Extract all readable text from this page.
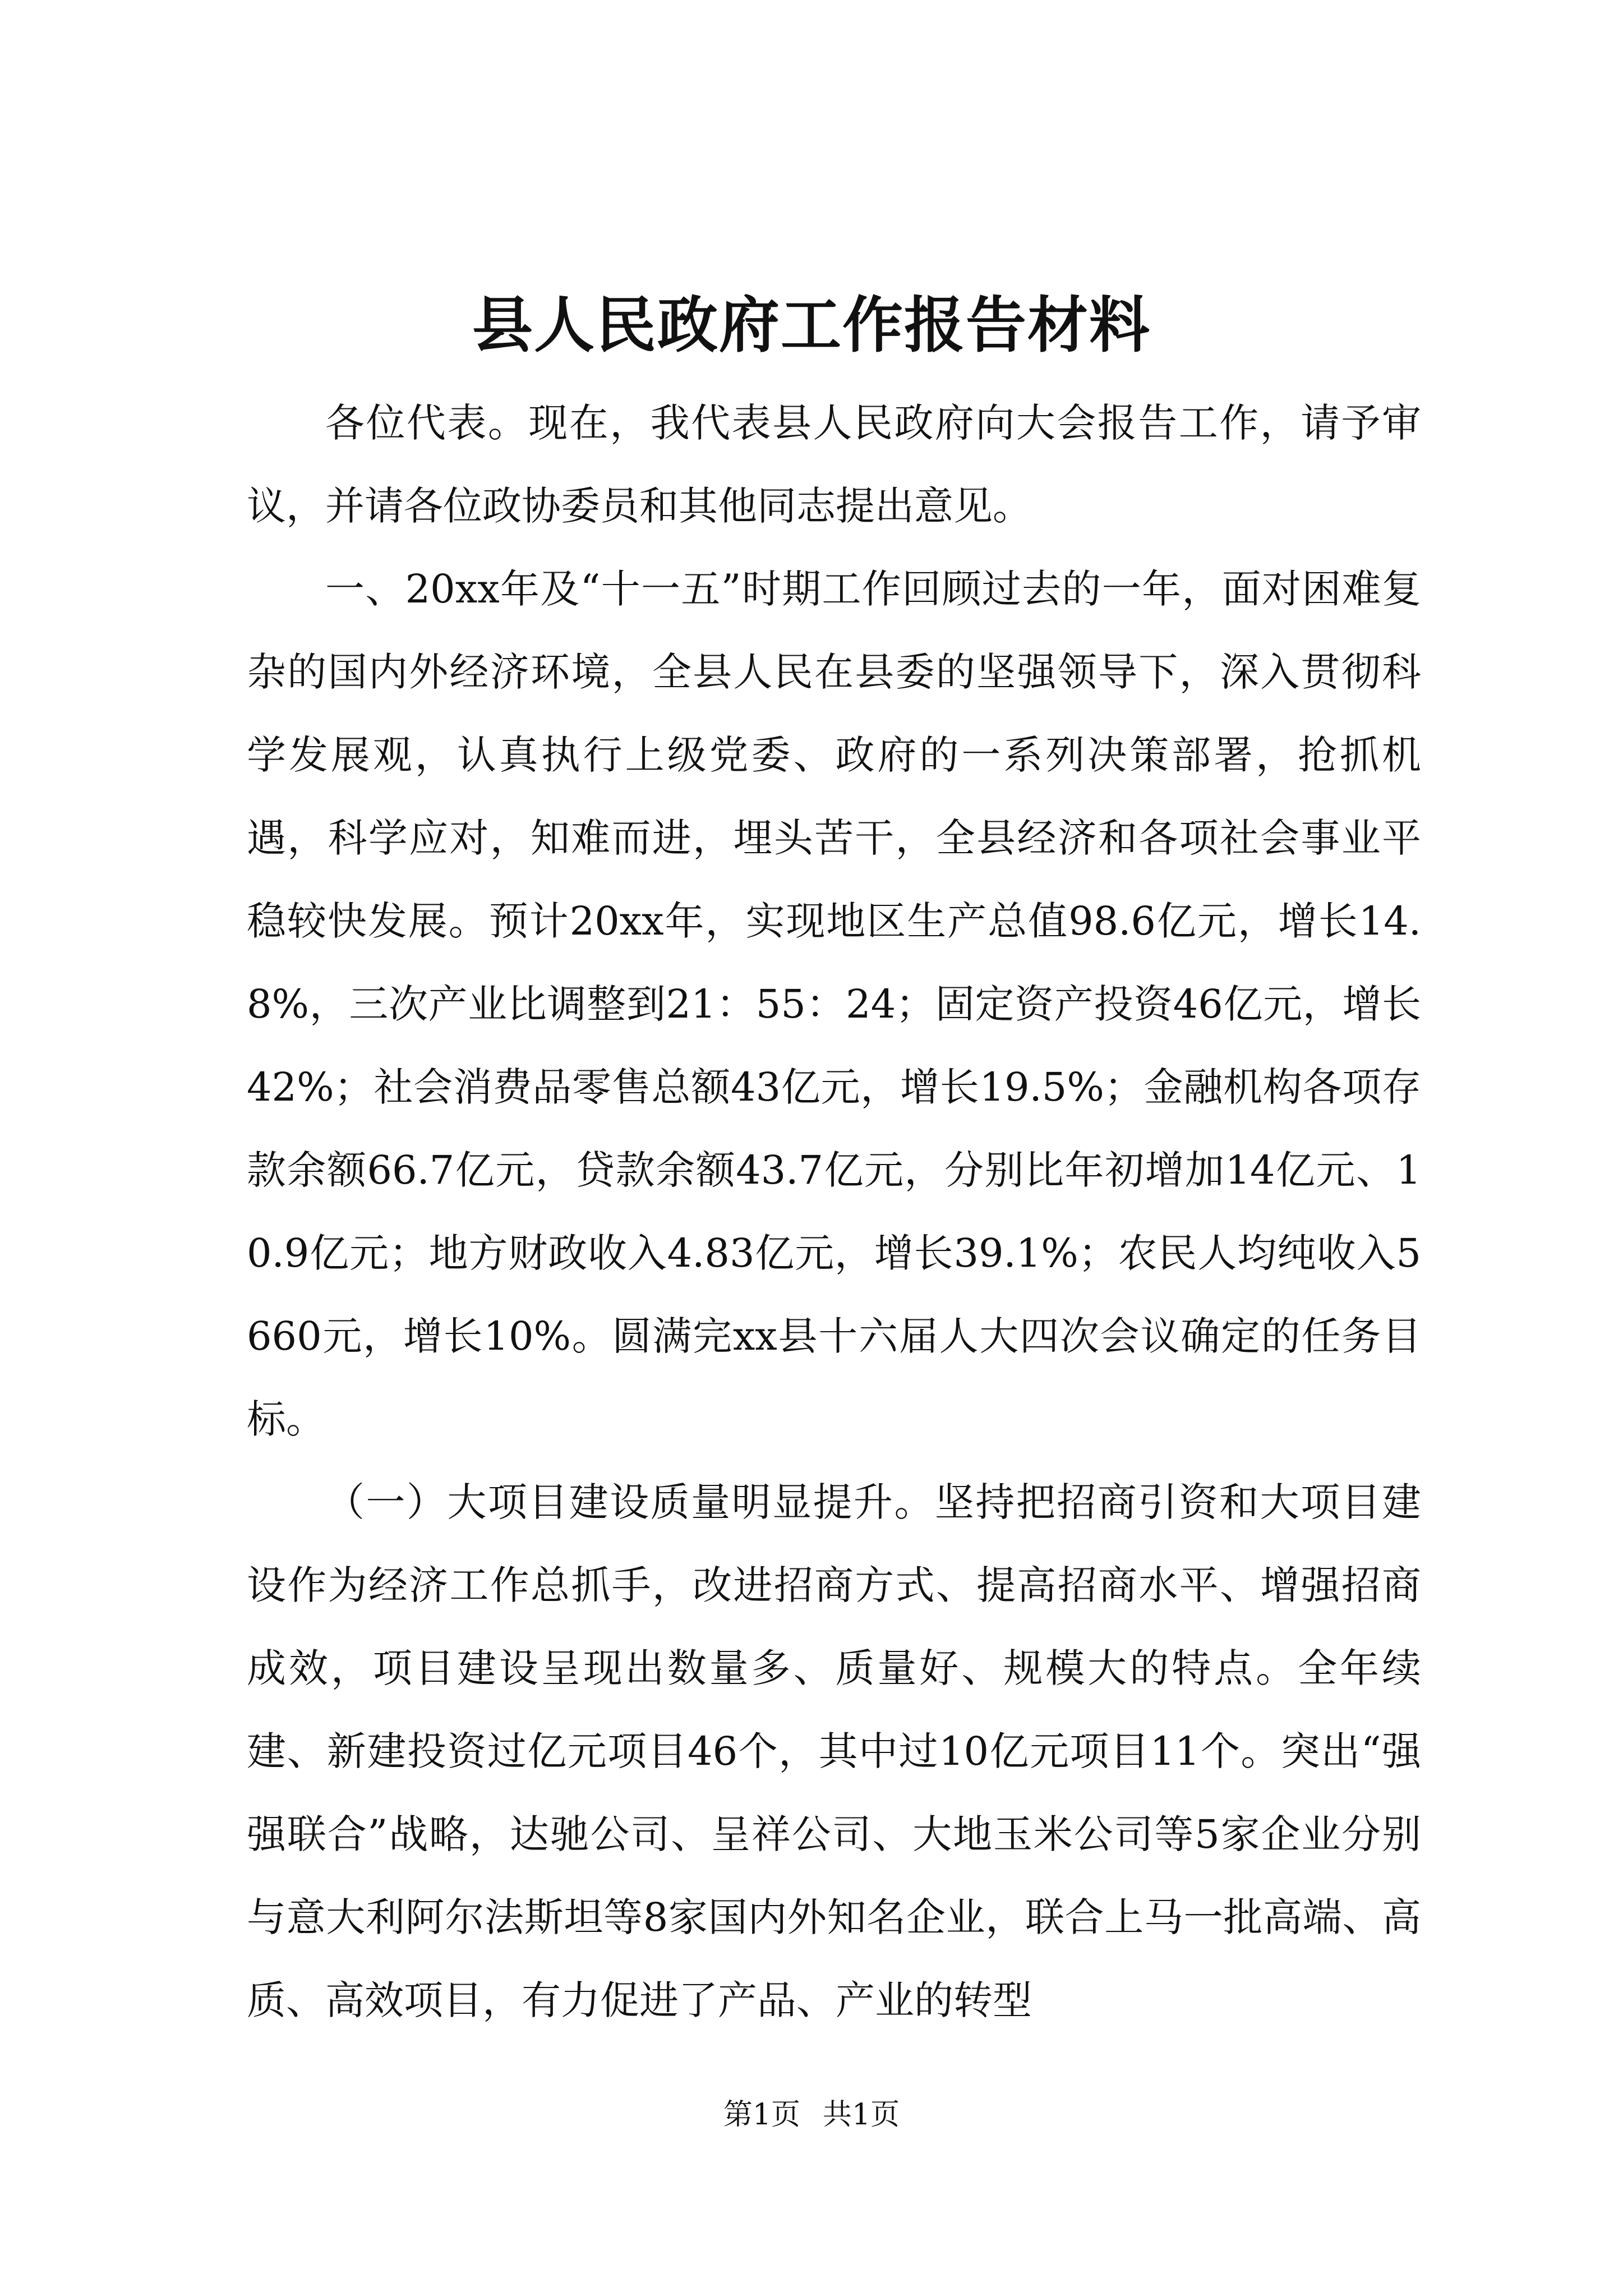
县人民政府工作报告材料

各位代表。现在，我代表县人民政府向大会报告工作，请予审议，并请各位政协委员和其他同志提出意见。

一、20xx年及“十一五”时期工作回顾过去的一年，面对困难复杂的国内外经济环境，全县人民在县委的坚强领导下，深入贯彻科学发展观，认真执行上级党委、政府的一系列决策部署，抢抓机遇，科学应对，知难而进，埋头苦干，全县经济和各项社会事业平稳较快发展。预计20xx年，实现地区生产总值98.6亿元，增长14.8%，三次产业比调整到21：55：24；固定资产投资46亿元，增长42%；社会消费品零售总额43亿元，增长19.5%；金融机构各项存款余额66.7亿元，贷款余额43.7亿元，分别比年初增加14亿元、10.9亿元；地方财政收入4.83亿元，增长39.1%；农民人均纯收入5660元，增长10%。圆满完xx县十六届人大四次会议确定的任务目标。

（一）大项目建设质量明显提升。坚持把招商引资和大项目建设作为经济工作总抓手，改进招商方式、提高招商水平、增强招商成效，项目建设呈现出数量多、质量好、规模大的特点。全年续建、新建投资过亿元项目46个，其中过10亿元项目11个。突出“强强联合”战略，达驰公司、呈祥公司、大地玉米公司等5家企业分别与意大利阿尔法斯坦等8家国内外知名企业，联合上马一批高端、高质、高效项目，有力促进了产品、产业的转型

第1页 共1页
